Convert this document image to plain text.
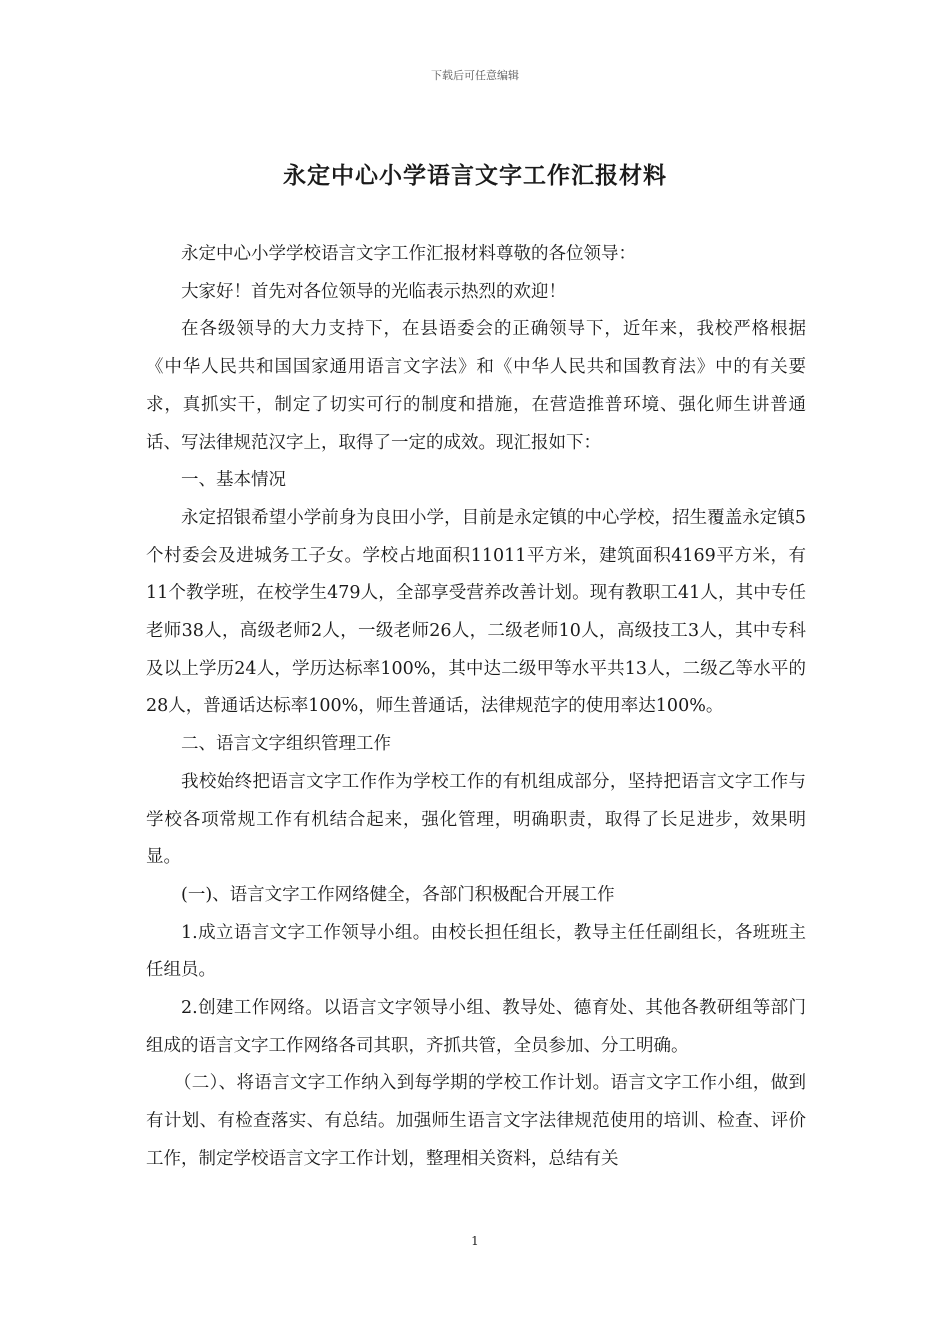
下载后可任意编辑
永定中心小学语言文字工作汇报材料

永定中心小学学校语言文字工作汇报材料尊敬的各位领导：

大家好！首先对各位领导的光临表示热烈的欢迎！

在各级领导的大力支持下，在县语委会的正确领导下，近年来，我校严格根据《中华人民共和国国家通用语言文字法》和《中华人民共和国教育法》中的有关要求，真抓实干，制定了切实可行的制度和措施，在营造推普环境、强化师生讲普通话、写法律规范汉字上，取得了一定的成效。现汇报如下：

一、基本情况

永定招银希望小学前身为良田小学，目前是永定镇的中心学校，招生覆盖永定镇5个村委会及进城务工子女。学校占地面积11011平方米，建筑面积4169平方米，有11个教学班，在校学生479人，全部享受营养改善计划。现有教职工41人，其中专任老师38人，高级老师2人，一级老师26人，二级老师10人，高级技工3人，其中专科及以上学历24人，学历达标率100%，其中达二级甲等水平共13人，二级乙等水平的28人，普通话达标率100%，师生普通话，法律规范字的使用率达100%。

二、语言文字组织管理工作

我校始终把语言文字工作作为学校工作的有机组成部分，坚持把语言文字工作与学校各项常规工作有机结合起来，强化管理，明确职责，取得了长足进步，效果明显。

(一)、语言文字工作网络健全，各部门积极配合开展工作

1.成立语言文字工作领导小组。由校长担任组长，教导主任任副组长，各班班主任组员。

2.创建工作网络。以语言文字领导小组、教导处、德育处、其他各教研组等部门组成的语言文字工作网络各司其职，齐抓共管，全员参加、分工明确。

（二）、将语言文字工作纳入到每学期的学校工作计划。语言文字工作小组，做到有计划、有检查落实、有总结。加强师生语言文字法律规范使用的培训、检查、评价工作，制定学校语言文字工作计划，整理相关资料，总结有关

1
